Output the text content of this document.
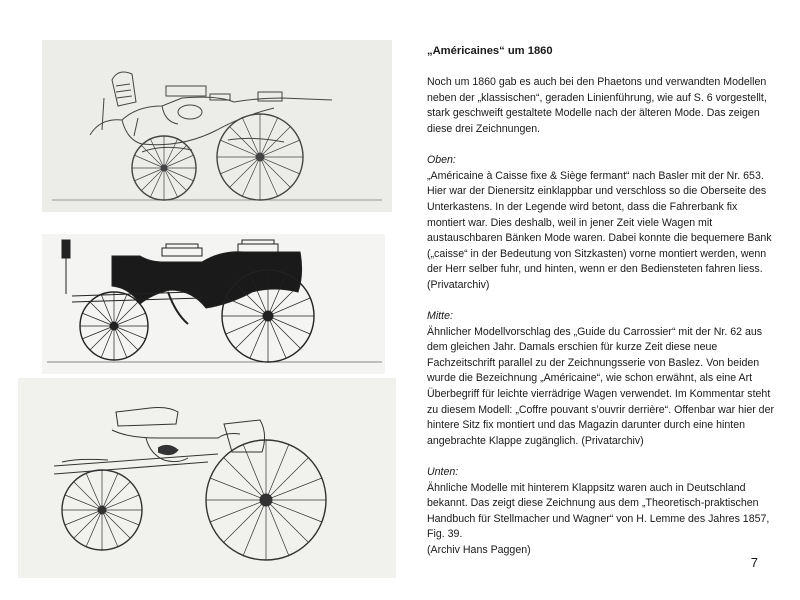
„Américaines“ um 1860

Noch um 1860 gab es auch bei den Phaetons und verwandten Modellen neben der „klassischen“, geraden Linienführung, wie auf S. 6 vorgestellt, stark geschweift gestaltete Modelle nach der älteren Mode. Das zeigen diese drei Zeichnungen.

Oben:
„Américaine à Caisse fixe & Siège fermant“ nach Basler mit der Nr. 653. Hier war der Dienersitz einklappbar und verschloss so die Oberseite des Unterkastens. In der Legende wird betont, dass die Fahrerbank fix montiert war. Dies deshalb, weil in jener Zeit viele Wagen mit austauschbaren Bänken Mode waren. Dabei konnte die bequemere Bank („caisse“ in der Bedeutung von Sitzkasten) vorne montiert werden, wenn der Herr selber fuhr, und hinten, wenn er den Bediensteten fahren liess. (Privatarchiv)

Mitte:
Ähnlicher Modellvorschlag des „Guide du Carrossier“ mit der Nr. 62 aus dem gleichen Jahr. Damals erschien für kurze Zeit diese neue Fachzeitschrift parallel zu der Zeichnungsserie von Baslez. Von beiden wurde die Bezeichnung „Américaine“, wie schon erwähnt, als eine Art Überbegriff für leichte vierrädrige Wagen verwendet. Im Kommentar steht zu diesem Modell: „Coffre pouvant s’ouvrir derrière“. Offenbar war hier der hintere Sitz fix montiert und das Magazin darunter durch eine hinten angebrachte Klappe zugänglich. (Privatarchiv)

Unten:
Ähnliche Modelle mit hinterem Klappsitz waren auch in Deutschland bekannt. Das zeigt diese Zeichnung aus dem „Theoretisch-praktischen Handbuch für Stellmacher und Wagner“ von H. Lemme des Jahres 1857, Fig. 39.
(Archiv Hans Paggen)

7
